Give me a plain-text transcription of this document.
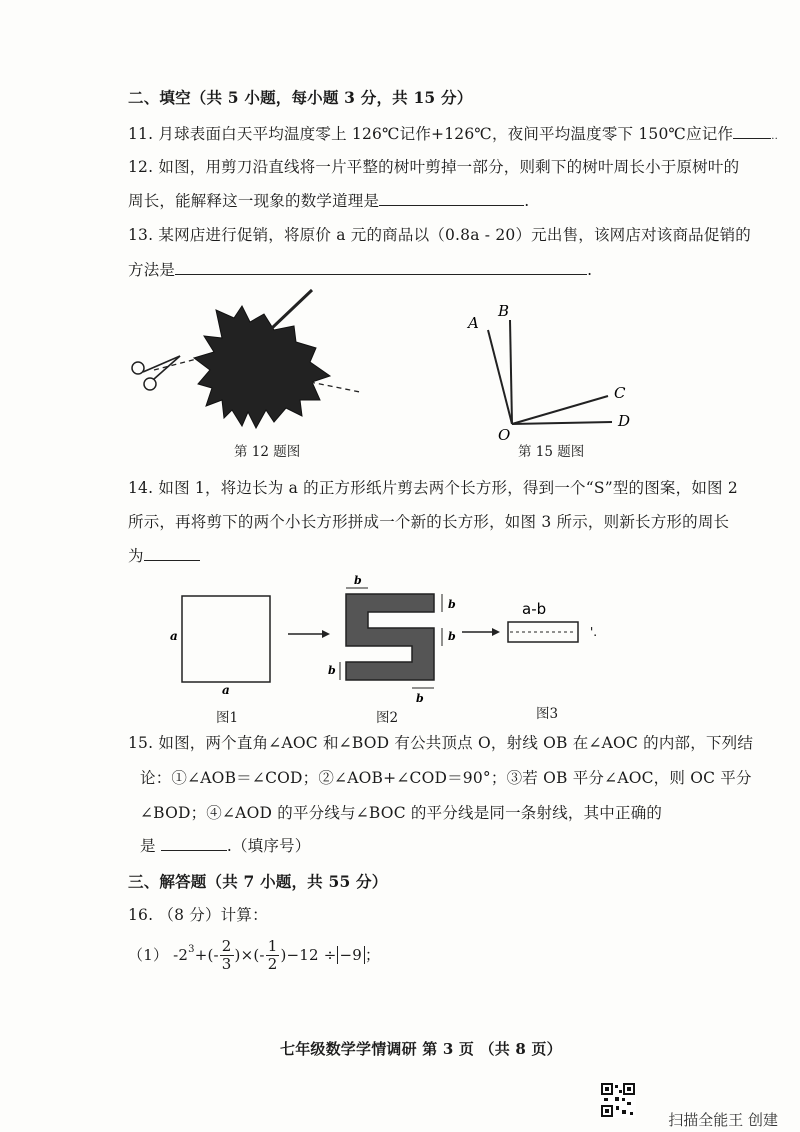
二、填空（共 5 小题，每小题 3 分，共 15 分）
11. 月球表面白天平均温度零上 126℃记作+126℃，夜间平均温度零下 150℃应记作	..
12. 如图，用剪刀沿直线将一片平整的树叶剪掉一部分，则剩下的树叶周长小于原树叶的
周长，能解释这一现象的数学道理是	.
13. 某网店进行促销，将原价 a 元的商品以（0.8a - 20）元出售，该网店对该商品促销的
方法是	.
第 12 题图
A
B
C
D
O
第 15 题图
14. 如图 1，将边长为 a 的正方形纸片剪去两个长方形，得到一个“S”型的图案，如图 2
所示，再将剪下的两个小长方形拼成一个新的长方形，如图 3 所示，则新长方形的周长
为
a
a
b
b
b
b
b
a-b
'.
图1	图2	图3
15. 如图，两个直角∠AOC 和∠BOD 有公共顶点 O，射线 OB 在∠AOC 的内部，下列结
论：①∠AOB＝∠COD；②∠AOB+∠COD＝90°；③若 OB 平分∠AOC，则 OC 平分
∠BOD；④∠AOD 的平分线与∠BOC 的平分线是同一条射线，其中正确的
是	.（填序号）
三、解答题（共 7 小题，共 55 分）
16. （8 分）计算：
（1） $-2^3+(- \frac{2}{3}$ )×(- $\frac{1}{2} )-12 \div -9$ ；
七年级数学学情调研 第 3 页 （共 8 页）
扫描全能王 创建
